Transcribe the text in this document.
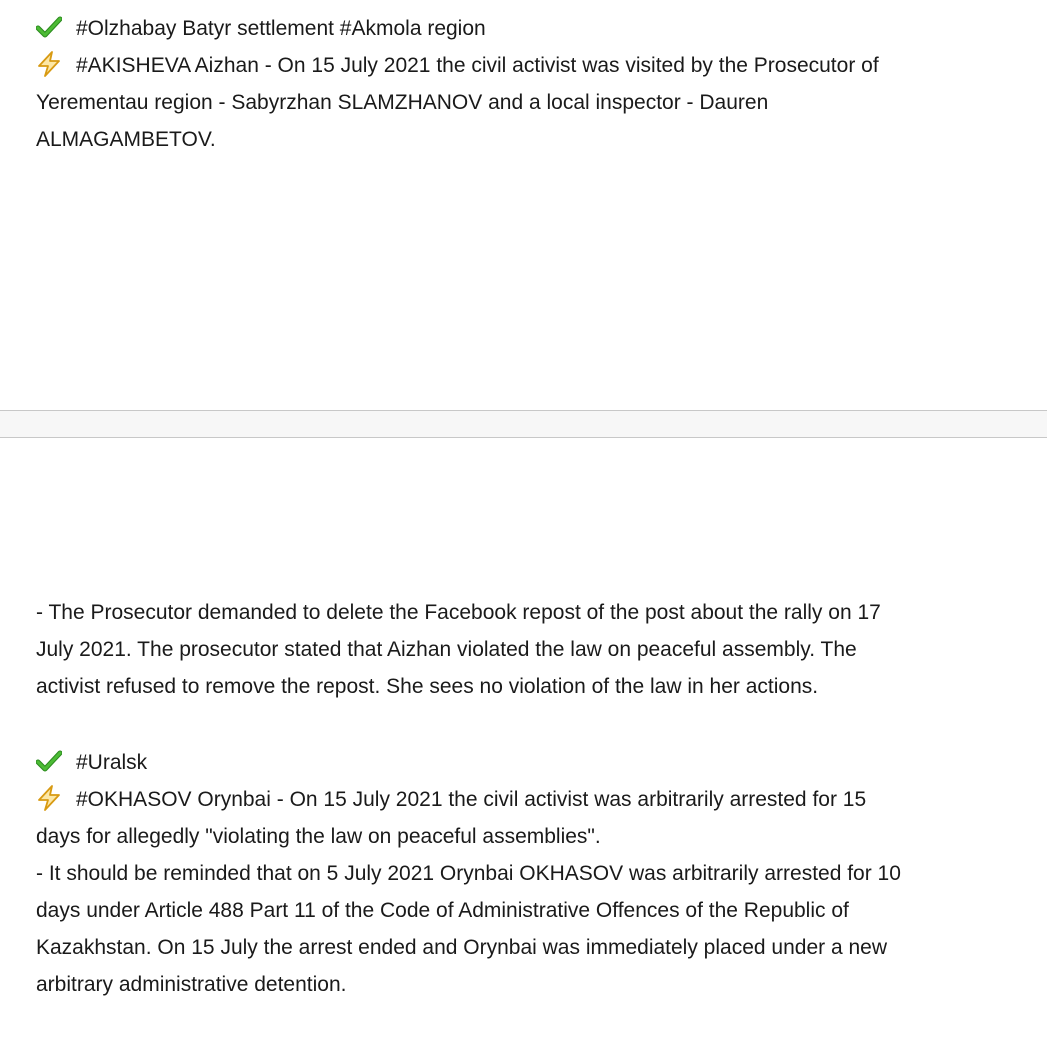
#Olzhabay Batyr settlement #Akmola region
#AKISHEVA Aizhan - On 15 July 2021 the civil activist was visited by the Prosecutor of
Yerementau region - Sabyrzhan SLAMZHANOV and a local inspector - Dauren
ALMAGAMBETOV.
- The Prosecutor demanded to delete the Facebook repost of the post about the rally on 17
July 2021. The prosecutor stated that Aizhan violated the law on peaceful assembly. The
activist refused to remove the repost. She sees no violation of the law in her actions.
#Uralsk
#OKHASOV Orynbai - On 15 July 2021 the civil activist was arbitrarily arrested for 15
days for allegedly "violating the law on peaceful assemblies".
- It should be reminded that on 5 July 2021 Orynbai OKHASOV was arbitrarily arrested for 10
days under Article 488 Part 11 of the Code of Administrative Offences of the Republic of
Kazakhstan. On 15 July the arrest ended and Orynbai was immediately placed under a new
arbitrary administrative detention.
